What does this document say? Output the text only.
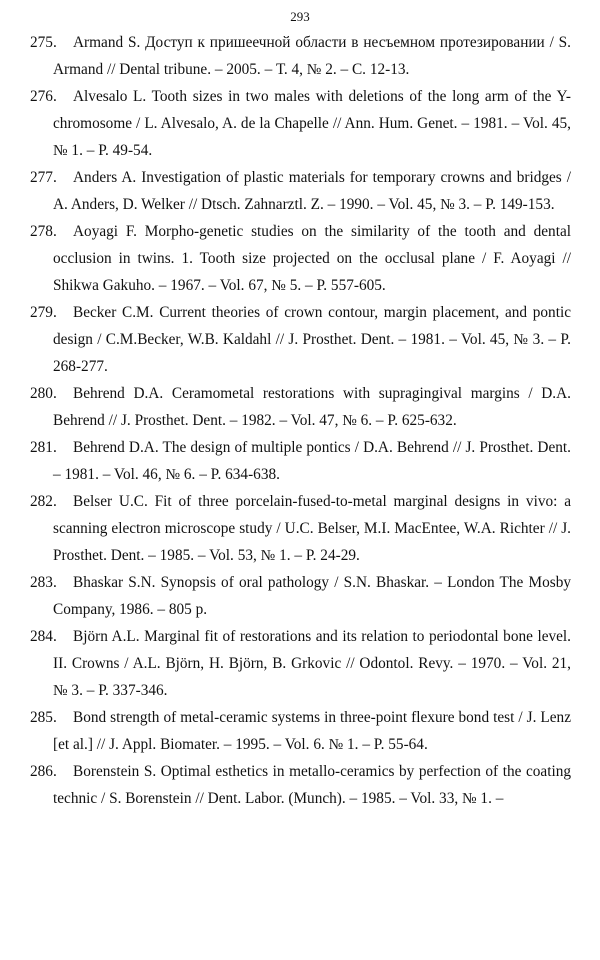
293
275. Armand S. Доступ к пришеечной области в несъемном протезировании / S. Armand // Dental tribune. – 2005. – Т. 4, № 2. – С. 12-13.
276. Alvesalo L. Tooth sizes in two males with deletions of the long arm of the Y-chromosome / L. Alvesalo, A. de la Chapelle // Ann. Hum. Genet. – 1981. – Vol. 45, № 1. – P. 49-54.
277. Anders A. Investigation of plastic materials for temporary crowns and bridges / A. Anders, D. Welker // Dtsch. Zahnarztl. Z. – 1990. – Vol. 45, № 3. – P. 149-153.
278. Aoyagi F. Morpho-genetic studies on the similarity of the tooth and dental occlusion in twins. 1. Tooth size projected on the occlusal plane / F. Aoyagi // Shikwa Gakuho. – 1967. – Vol. 67, № 5. – P. 557-605.
279. Becker C.M. Current theories of crown contour, margin placement, and pontic design / C.M.Becker, W.B. Kaldahl // J. Prosthet. Dent. – 1981. – Vol. 45, № 3. – P. 268-277.
280. Behrend D.A. Ceramometal restorations with supragingival margins / D.A. Behrend // J. Prosthet. Dent. – 1982. – Vol. 47, № 6. – P. 625-632.
281. Behrend D.A. The design of multiple pontics / D.A. Behrend // J. Prosthet. Dent. – 1981. – Vol. 46, № 6. – P. 634-638.
282. Belser U.C. Fit of three porcelain-fused-to-metal marginal designs in vivo: a scanning electron microscope study / U.C. Belser, M.I. MacEntee, W.A. Richter // J. Prosthet. Dent. – 1985. – Vol. 53, № 1. – P. 24-29.
283. Bhaskar S.N. Synopsis of oral pathology / S.N. Bhaskar. – London The Mosby Company, 1986. – 805 p.
284. Björn A.L. Marginal fit of restorations and its relation to periodontal bone level. II. Crowns / A.L. Björn, H. Björn, B. Grkovic // Odontol. Revy. – 1970. – Vol. 21, № 3. – P. 337-346.
285. Bond strength of metal-ceramic systems in three-point flexure bond test / J. Lenz [et al.] // J. Appl. Biomater. – 1995. – Vol. 6. № 1. – P. 55-64.
286. Borenstein S. Optimal esthetics in metallo-ceramics by perfection of the coating technic / S. Borenstein // Dent. Labor. (Munch). – 1985. – Vol. 33, № 1. –
